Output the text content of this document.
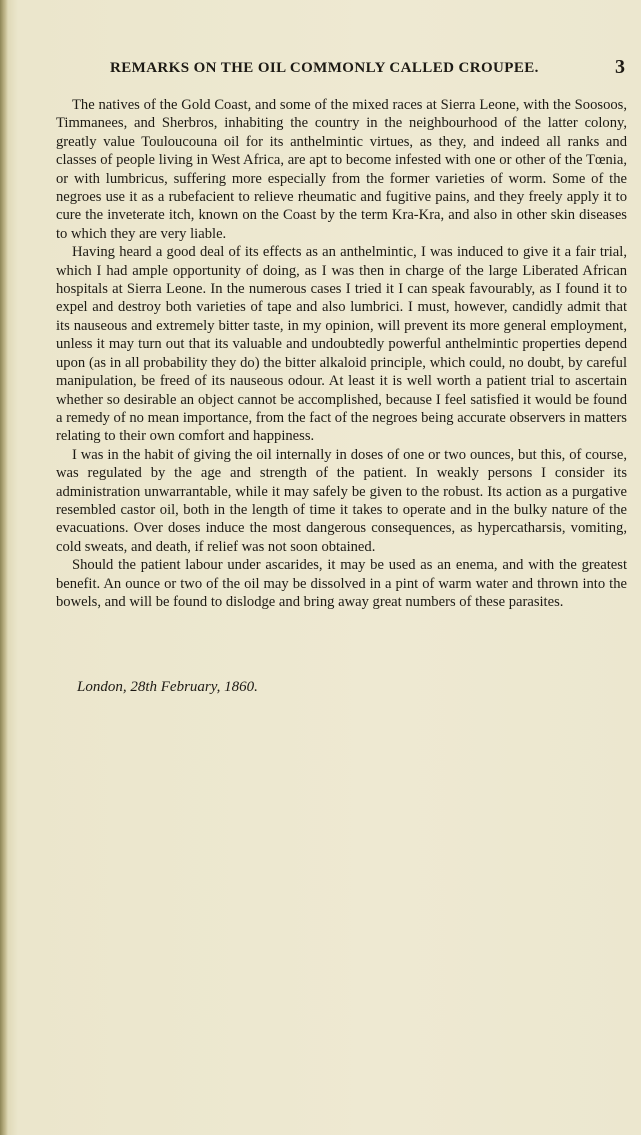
REMARKS ON THE OIL COMMONLY CALLED CROUPEE.	3

The natives of the Gold Coast, and some of the mixed races at Sierra Leone, with the Soosoos, Timmanees, and Sherbros, inhabiting the country in the neighbourhood of the latter colony, greatly value Touloucouna oil for its anthelmintic virtues, as they, and indeed all ranks and classes of people living in West Africa, are apt to become infested with one or other of the Tœnia, or with lumbricus, suffering more especially from the former varieties of worm. Some of the negroes use it as a rubefacient to relieve rheumatic and fugitive pains, and they freely apply it to cure the inveterate itch, known on the Coast by the term Kra-Kra, and also in other skin diseases to which they are very liable.

Having heard a good deal of its effects as an anthelmintic, I was induced to give it a fair trial, which I had ample opportunity of doing, as I was then in charge of the large Liberated African hospitals at Sierra Leone. In the numerous cases I tried it I can speak favourably, as I found it to expel and destroy both varieties of tape and also lumbrici. I must, however, candidly admit that its nauseous and extremely bitter taste, in my opinion, will prevent its more general employment, unless it may turn out that its valuable and undoubtedly powerful anthelmintic properties depend upon (as in all probability they do) the bitter alkaloid principle, which could, no doubt, by careful manipulation, be freed of its nauseous odour. At least it is well worth a patient trial to ascertain whether so desirable an object cannot be accomplished, because I feel satisfied it would be found a remedy of no mean importance, from the fact of the negroes being accurate observers in matters relating to their own comfort and happiness.

I was in the habit of giving the oil internally in doses of one or two ounces, but this, of course, was regulated by the age and strength of the patient. In weakly persons I consider its administration unwarrantable, while it may safely be given to the robust. Its action as a purgative resembled castor oil, both in the length of time it takes to operate and in the bulky nature of the evacuations. Over doses induce the most dangerous consequences, as hypercatharsis, vomiting, cold sweats, and death, if relief was not soon obtained.

Should the patient labour under ascarides, it may be used as an enema, and with the greatest benefit. An ounce or two of the oil may be dissolved in a pint of warm water and thrown into the bowels, and will be found to dislodge and bring away great numbers of these parasites.

London, 28th February, 1860.
